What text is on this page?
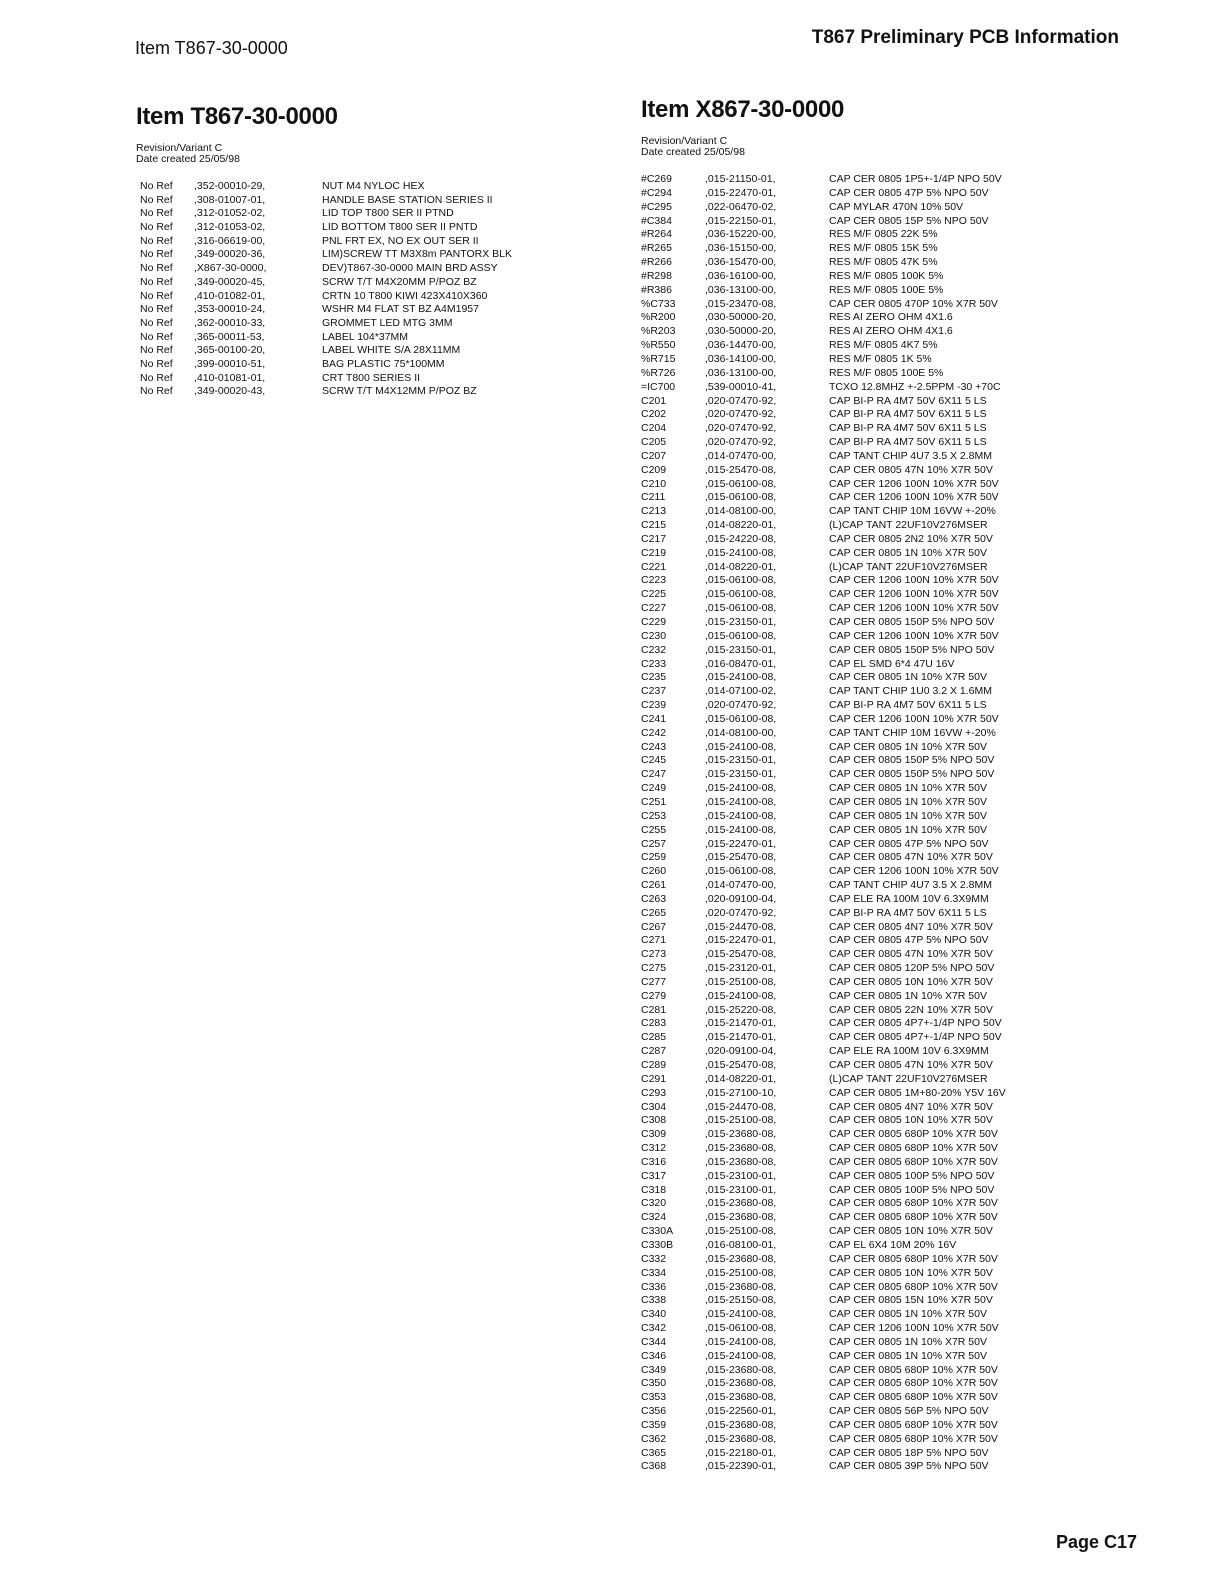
Item T867-30-0000	T867 Preliminary PCB Information
Item T867-30-0000
Revision/Variant C
Date created 25/05/98
No Ref	,352-00010-29,	NUT M4 NYLOC HEX
No Ref	,308-01007-01,	HANDLE BASE STATION SERIES II
No Ref	,312-01052-02,	LID TOP T800 SER II PTND
No Ref	,312-01053-02,	LID BOTTOM T800 SER II PNTD
No Ref	,316-06619-00,	PNL FRT EX, NO EX OUT SER II
No Ref	,349-00020-36,	LIM)SCREW TT M3X8m PANTORX BLK
No Ref	,X867-30-0000,	DEV)T867-30-0000 MAIN BRD ASSY
No Ref	,349-00020-45,	SCRW T/T M4X20MM P/POZ BZ
No Ref	,410-01082-01,	CRTN 10 T800 KIWI 423X410X360
No Ref	,353-00010-24,	WSHR M4 FLAT ST BZ A4M1957
No Ref	,362-00010-33,	GROMMET LED MTG 3MM
No Ref	,365-00011-53,	LABEL 104*37MM
No Ref	,365-00100-20,	LABEL WHITE S/A 28X11MM
No Ref	,399-00010-51,	BAG PLASTIC 75*100MM
No Ref	,410-01081-01,	CRT T800 SERIES II
No Ref	,349-00020-43,	SCRW T/T M4X12MM P/POZ BZ
Item X867-30-0000
Revision/Variant C
Date created 25/05/98
#C269	,015-21150-01,	CAP CER 0805 1P5+-1/4P NPO 50V
#C294	,015-22470-01,	CAP CER 0805 47P 5% NPO 50V
#C295	,022-06470-02,	CAP MYLAR 470N 10% 50V
#C384	,015-22150-01,	CAP CER 0805 15P 5% NPO 50V
#R264	,036-15220-00,	RES M/F 0805 22K 5%
#R265	,036-15150-00,	RES M/F 0805 15K 5%
#R266	,036-15470-00,	RES M/F 0805 47K 5%
#R298	,036-16100-00,	RES M/F 0805 100K 5%
#R386	,036-13100-00,	RES M/F 0805 100E 5%
%C733	,015-23470-08,	CAP CER 0805 470P 10% X7R 50V
%R200	,030-50000-20,	RES AI ZERO OHM 4X1.6
%R203	,030-50000-20,	RES AI ZERO OHM 4X1.6
%R550	,036-14470-00,	RES M/F 0805 4K7 5%
%R715	,036-14100-00,	RES M/F 0805 1K 5%
%R726	,036-13100-00,	RES M/F 0805 100E 5%
=IC700	,539-00010-41,	TCXO 12.8MHZ +-2.5PPM -30 +70C
C201	,020-07470-92,	CAP BI-P RA 4M7 50V 6X11 5 LS
C202	,020-07470-92,	CAP BI-P RA 4M7 50V 6X11 5 LS
C204	,020-07470-92,	CAP BI-P RA 4M7 50V 6X11 5 LS
C205	,020-07470-92,	CAP BI-P RA 4M7 50V 6X11 5 LS
C207	,014-07470-00,	CAP TANT CHIP 4U7 3.5 X 2.8MM
C209	,015-25470-08,	CAP CER 0805 47N 10% X7R 50V
C210	,015-06100-08,	CAP CER 1206 100N 10% X7R 50V
C211	,015-06100-08,	CAP CER 1206 100N 10% X7R 50V
C213	,014-08100-00,	CAP TANT CHIP 10M 16VW +-20%
C215	,014-08220-01,	(L)CAP TANT 22UF10V276MSER
C217	,015-24220-08,	CAP CER 0805 2N2 10% X7R 50V
C219	,015-24100-08,	CAP CER 0805 1N 10% X7R 50V
C221	,014-08220-01,	(L)CAP TANT 22UF10V276MSER
C223	,015-06100-08,	CAP CER 1206 100N 10% X7R 50V
C225	,015-06100-08,	CAP CER 1206 100N 10% X7R 50V
C227	,015-06100-08,	CAP CER 1206 100N 10% X7R 50V
C229	,015-23150-01,	CAP CER 0805 150P 5% NPO 50V
C230	,015-06100-08,	CAP CER 1206 100N 10% X7R 50V
C232	,015-23150-01,	CAP CER 0805 150P 5% NPO 50V
C233	,016-08470-01,	CAP EL SMD 6*4 47U 16V
C235	,015-24100-08,	CAP CER 0805 1N 10% X7R 50V
C237	,014-07100-02,	CAP TANT CHIP 1U0 3.2 X 1.6MM
C239	,020-07470-92,	CAP BI-P RA 4M7 50V 6X11 5 LS
C241	,015-06100-08,	CAP CER 1206 100N 10% X7R 50V
C242	,014-08100-00,	CAP TANT CHIP 10M 16VW +-20%
C243	,015-24100-08,	CAP CER 0805 1N 10% X7R 50V
C245	,015-23150-01,	CAP CER 0805 150P 5% NPO 50V
C247	,015-23150-01,	CAP CER 0805 150P 5% NPO 50V
C249	,015-24100-08,	CAP CER 0805 1N 10% X7R 50V
C251	,015-24100-08,	CAP CER 0805 1N 10% X7R 50V
C253	,015-24100-08,	CAP CER 0805 1N 10% X7R 50V
C255	,015-24100-08,	CAP CER 0805 1N 10% X7R 50V
C257	,015-22470-01,	CAP CER 0805 47P 5% NPO 50V
C259	,015-25470-08,	CAP CER 0805 47N 10% X7R 50V
C260	,015-06100-08,	CAP CER 1206 100N 10% X7R 50V
C261	,014-07470-00,	CAP TANT CHIP 4U7 3.5 X 2.8MM
C263	,020-09100-04,	CAP ELE RA 100M 10V 6.3X9MM
C265	,020-07470-92,	CAP BI-P RA 4M7 50V 6X11 5 LS
C267	,015-24470-08,	CAP CER 0805 4N7 10% X7R 50V
C271	,015-22470-01,	CAP CER 0805 47P 5% NPO 50V
C273	,015-25470-08,	CAP CER 0805 47N 10% X7R 50V
C275	,015-23120-01,	CAP CER 0805 120P 5% NPO 50V
C277	,015-25100-08,	CAP CER 0805 10N 10% X7R 50V
C279	,015-24100-08,	CAP CER 0805 1N 10% X7R 50V
C281	,015-25220-08,	CAP CER 0805 22N 10% X7R 50V
C283	,015-21470-01,	CAP CER 0805 4P7+-1/4P NPO 50V
C285	,015-21470-01,	CAP CER 0805 4P7+-1/4P NPO 50V
C287	,020-09100-04,	CAP ELE RA 100M 10V 6.3X9MM
C289	,015-25470-08,	CAP CER 0805 47N 10% X7R 50V
C291	,014-08220-01,	(L)CAP TANT 22UF10V276MSER
C293	,015-27100-10,	CAP CER 0805 1M+80-20% Y5V 16V
C304	,015-24470-08,	CAP CER 0805 4N7 10% X7R 50V
C308	,015-25100-08,	CAP CER 0805 10N 10% X7R 50V
C309	,015-23680-08,	CAP CER 0805 680P 10% X7R 50V
C312	,015-23680-08,	CAP CER 0805 680P 10% X7R 50V
C316	,015-23680-08,	CAP CER 0805 680P 10% X7R 50V
C317	,015-23100-01,	CAP CER 0805 100P 5% NPO 50V
C318	,015-23100-01,	CAP CER 0805 100P 5% NPO 50V
C320	,015-23680-08,	CAP CER 0805 680P 10% X7R 50V
C324	,015-23680-08,	CAP CER 0805 680P 10% X7R 50V
C330A	,015-25100-08,	CAP CER 0805 10N 10% X7R 50V
C330B	,016-08100-01,	CAP EL 6X4 10M 20% 16V
C332	,015-23680-08,	CAP CER 0805 680P 10% X7R 50V
C334	,015-25100-08,	CAP CER 0805 10N 10% X7R 50V
C336	,015-23680-08,	CAP CER 0805 680P 10% X7R 50V
C338	,015-25150-08,	CAP CER 0805 15N 10% X7R 50V
C340	,015-24100-08,	CAP CER 0805 1N 10% X7R 50V
C342	,015-06100-08,	CAP CER 1206 100N 10% X7R 50V
C344	,015-24100-08,	CAP CER 0805 1N 10% X7R 50V
C346	,015-24100-08,	CAP CER 0805 1N 10% X7R 50V
C349	,015-23680-08,	CAP CER 0805 680P 10% X7R 50V
C350	,015-23680-08,	CAP CER 0805 680P 10% X7R 50V
C353	,015-23680-08,	CAP CER 0805 680P 10% X7R 50V
C356	,015-22560-01,	CAP CER 0805 56P 5% NPO 50V
C359	,015-23680-08,	CAP CER 0805 680P 10% X7R 50V
C362	,015-23680-08,	CAP CER 0805 680P 10% X7R 50V
C365	,015-22180-01,	CAP CER 0805 18P 5% NPO 50V
C368	,015-22390-01,	CAP CER 0805 39P 5% NPO 50V
Page C17
